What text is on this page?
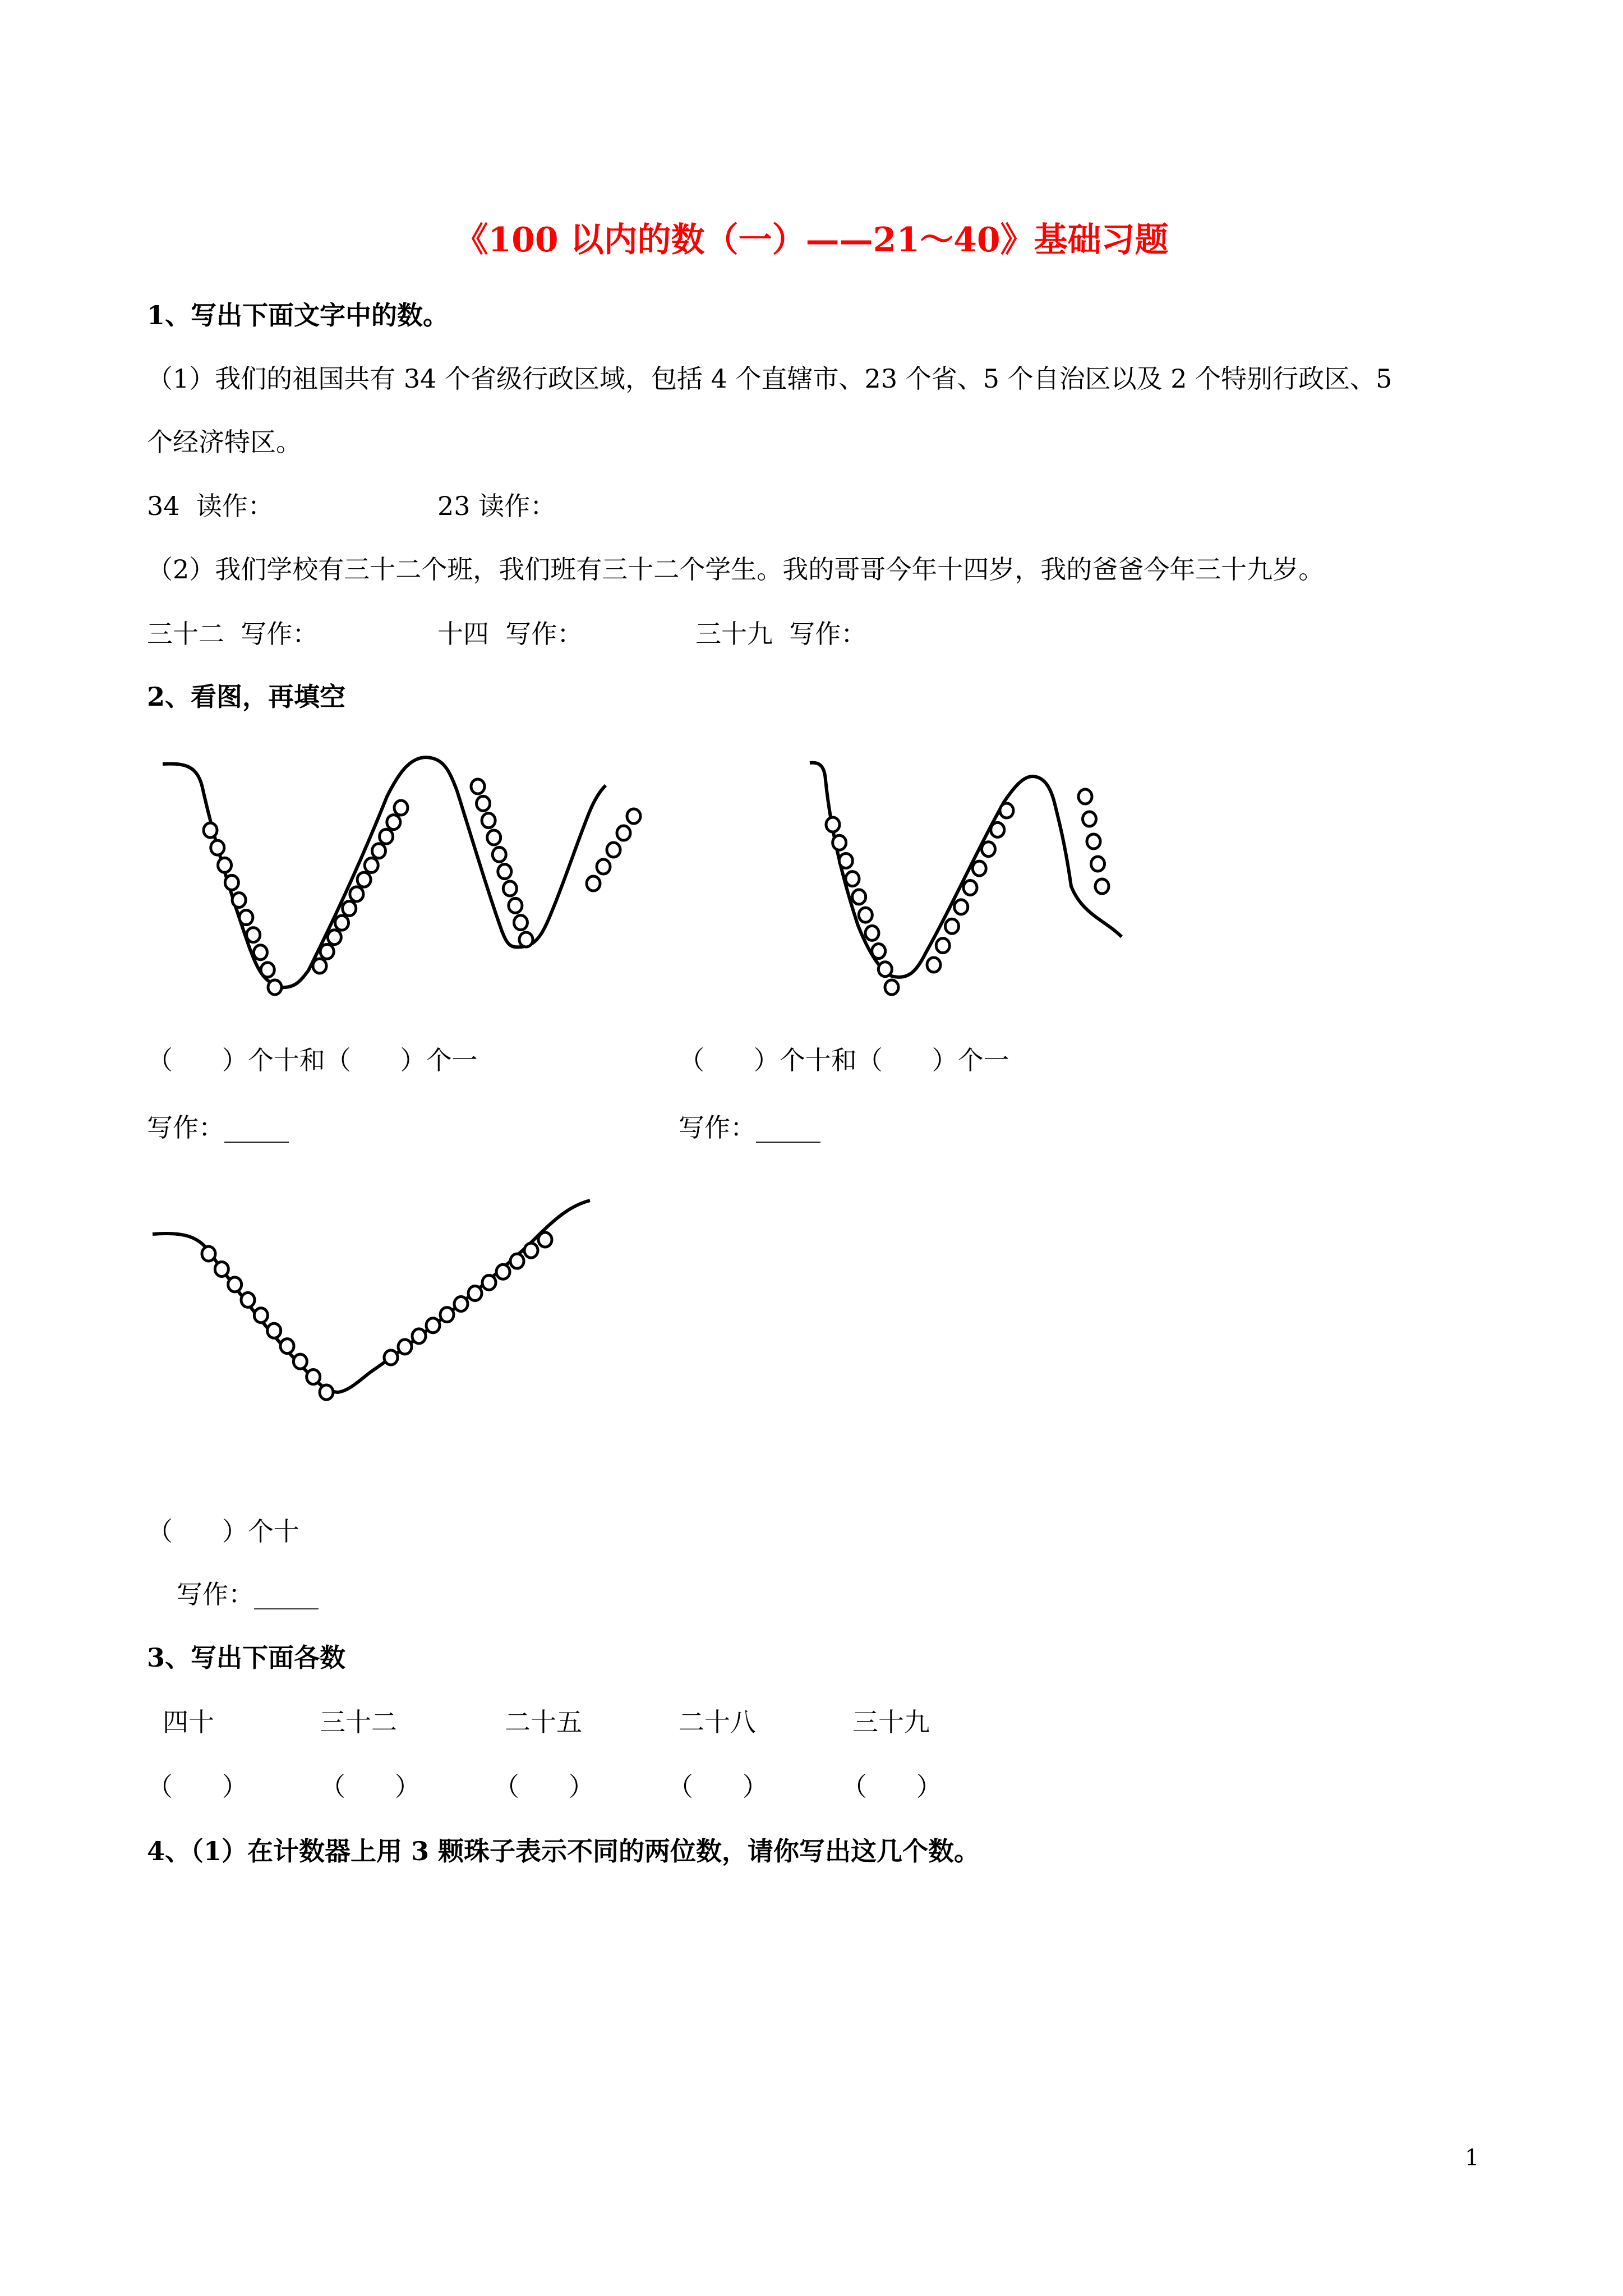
《100 以内的数（一）——21～40》基础习题
1、写出下面文字中的数。
（1）我们的祖国共有 34 个省级行政区域，包括 4 个直辖市、23 个省、5 个自治区以及 2 个特别行政区、5
个经济特区。
34  读作：	23 读作：
（2）我们学校有三十二个班，我们班有三十二个学生。我的哥哥今年十四岁，我的爸爸今年三十九岁。
三十二  写作：	十四  写作：	三十九  写作：
2、看图，再填空
（      ）个十和（      ）个一
写作：_____
（      ）个十和（      ）个一
写作：_____
（      ）个十
写作：_____
3、写出下面各数
四十	三十二	二十五	二十八	三十九
（      ）	（      ）	（      ）	（      ）	（      ）
4、（1）在计数器上用 3 颗珠子表示不同的两位数，请你写出这几个数。
1
